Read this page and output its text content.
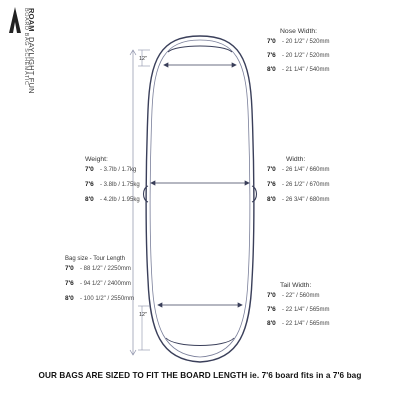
ROAM DAYLIGHT FUN
BOARD BAG SCHEMATIC	12"
12"
Weight:
7'0 - 3.7lb / 1.7kg
7'6 - 3.8lb / 1.75kg
8'0 - 4.2lb / 1.95kg
Bag size - Tour Length
7'0 - 88 1/2" / 2250mm
7'6 - 94 1/2" / 2400mm
8'0 - 100 1/2" / 2550mm
Nose Width:
7'0 - 20 1/2" / 520mm
7'6 - 20 1/2" / 520mm
8'0 - 21 1/4" / 540mm
Width:
7'0 - 26 1/4" / 660mm
7'6 - 26 1/2" / 670mm
8'0 - 26 3/4" / 680mm
Tail Width:
7'0 - 22" / 560mm
7'6 - 22 1/4" / 565mm
8'0 - 22 1/4" / 565mm
OUR BAGS ARE SIZED TO FIT THE BOARD LENGTH ie. 7'6 board fits in a 7'6 bag
